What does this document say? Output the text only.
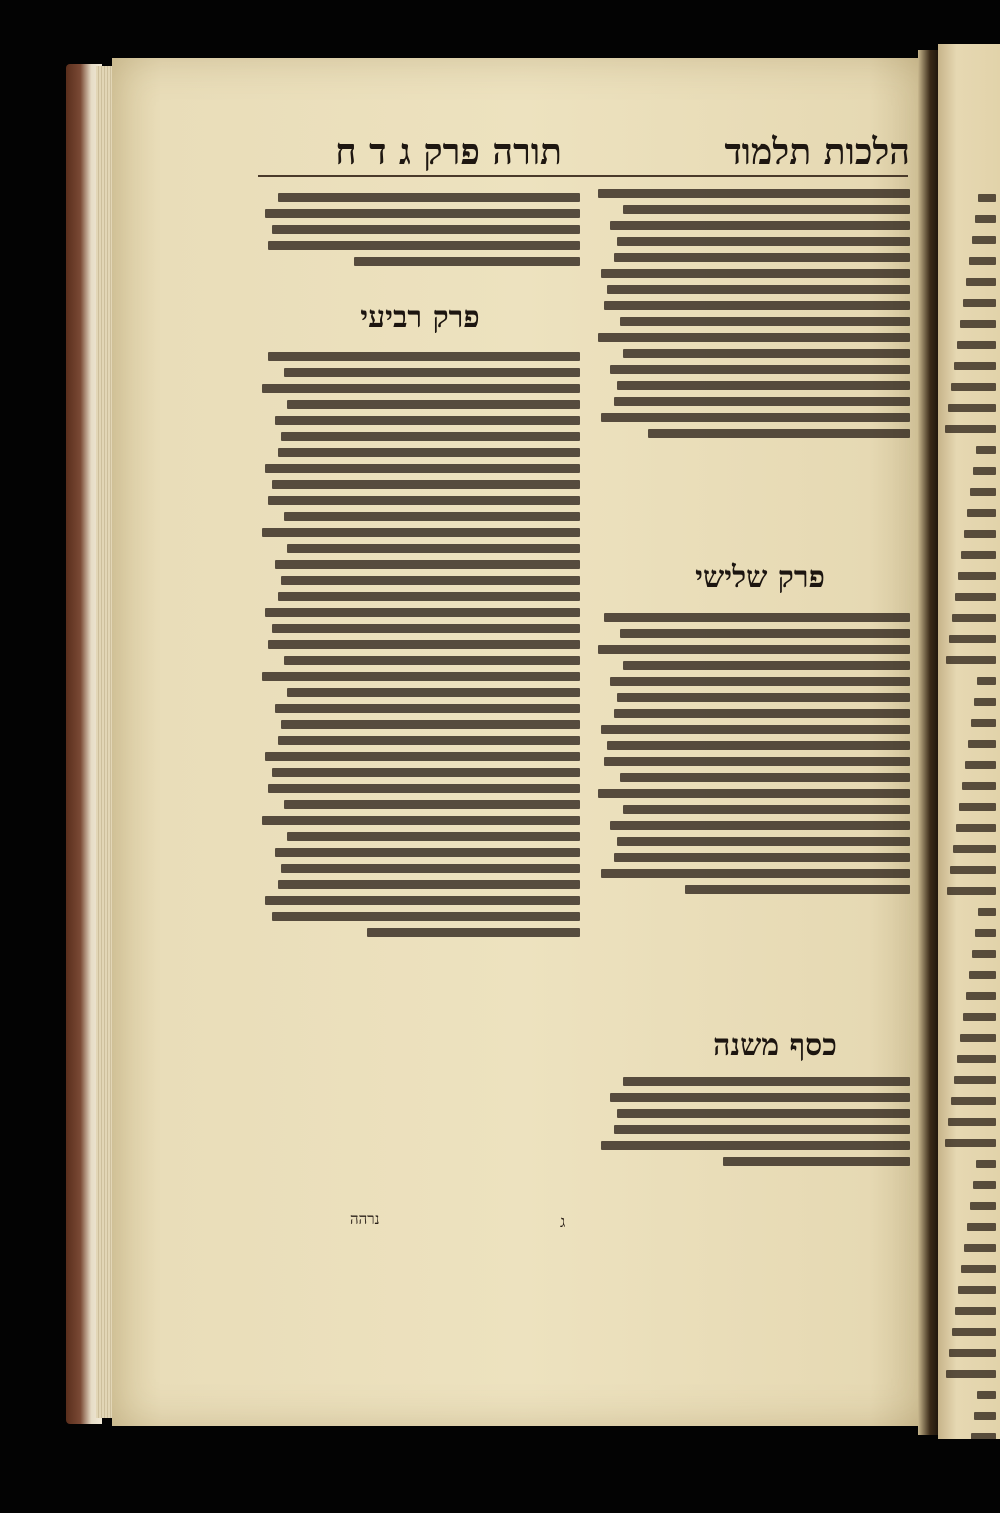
הלכות תלמוד
תורה פרק ג ד ח
פרק רביעי
פרק שלישי
כסף משנה
נרהה	ג
